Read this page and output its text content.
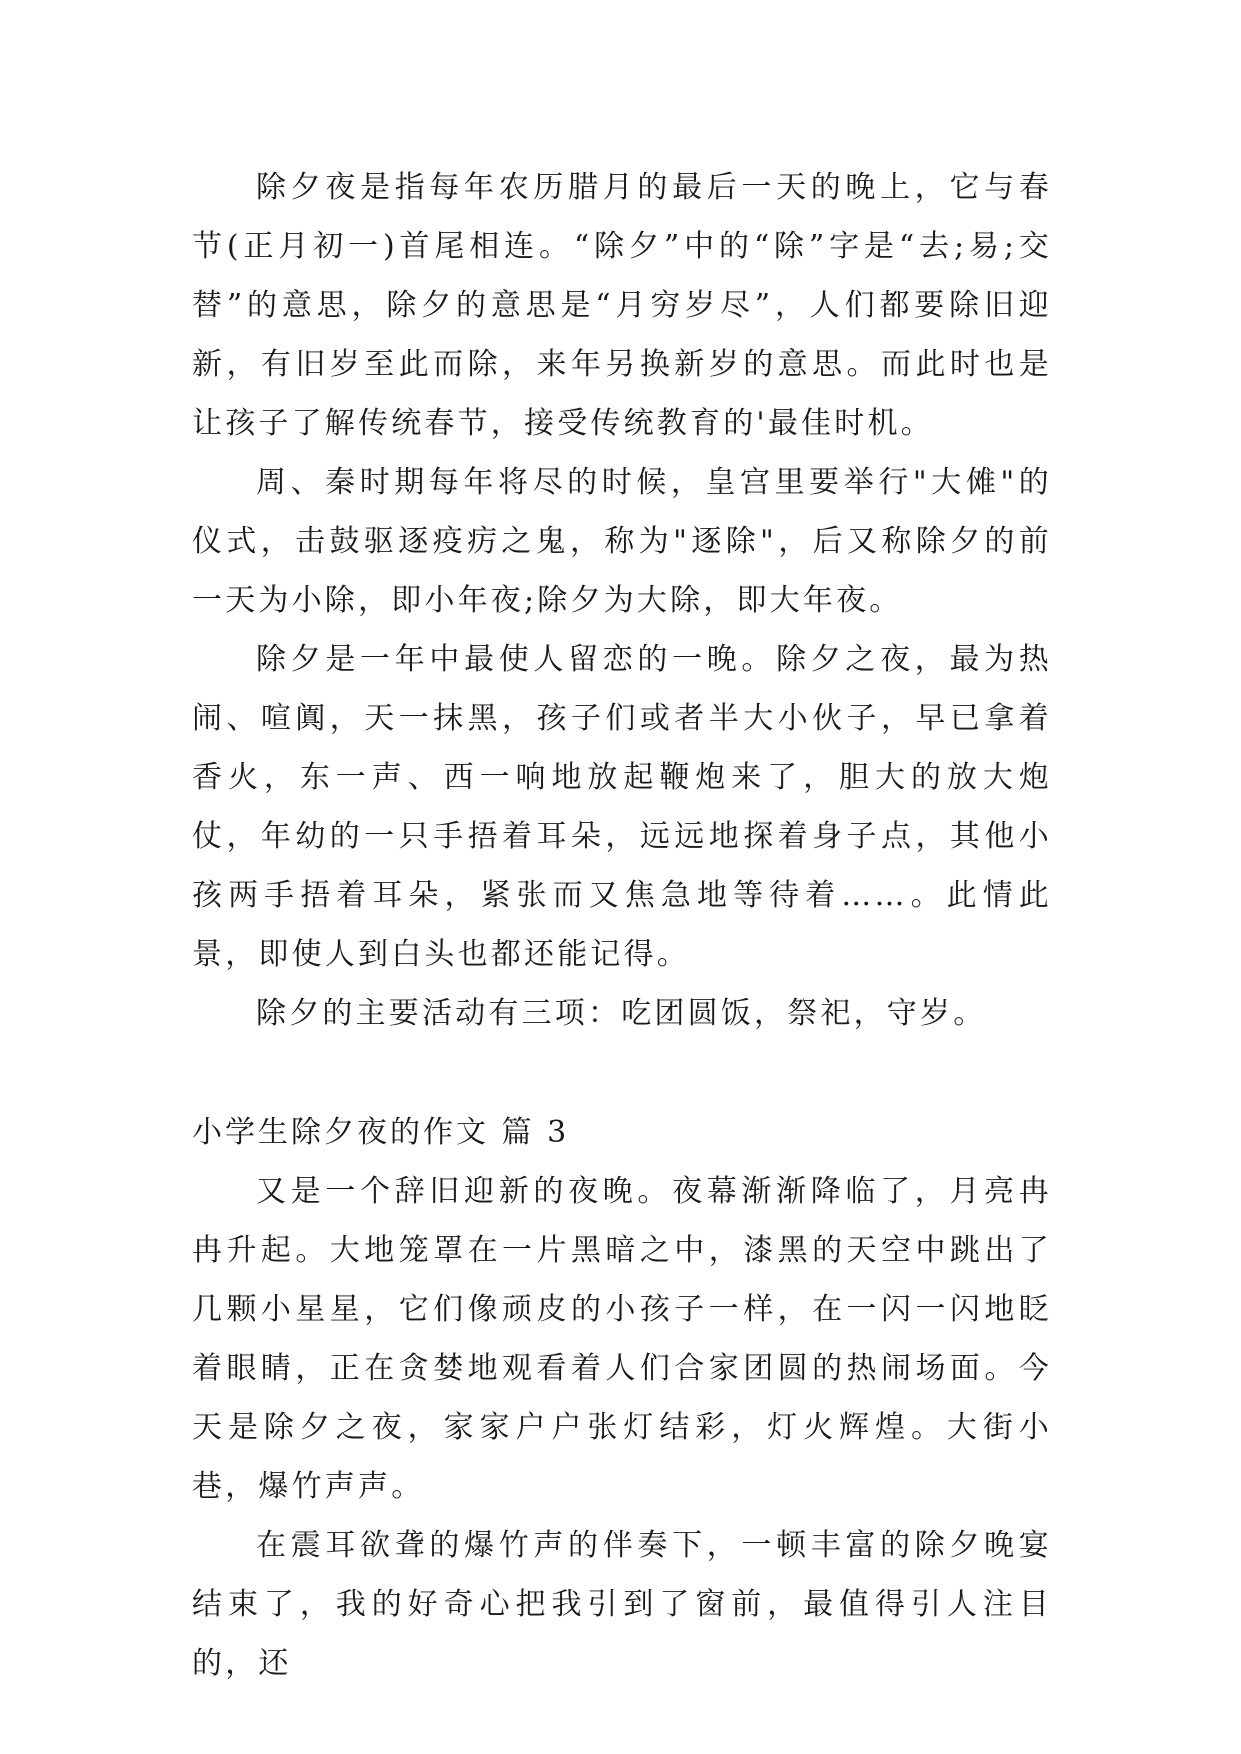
除夕夜是指每年农历腊月的最后一天的晚上，它与春节(正月初一)首尾相连。“除夕”中的“除”字是“去;易;交替”的意思，除夕的意思是“月穷岁尽”，人们都要除旧迎新，有旧岁至此而除，来年另换新岁的意思。而此时也是让孩子了解传统春节，接受传统教育的'最佳时机。

周、秦时期每年将尽的时候，皇宫里要举行"大傩"的仪式，击鼓驱逐疫疠之鬼，称为"逐除"，后又称除夕的前一天为小除，即小年夜;除夕为大除，即大年夜。

除夕是一年中最使人留恋的一晚。除夕之夜，最为热闹、喧阗，天一抹黑，孩子们或者半大小伙子，早已拿着香火，东一声、西一响地放起鞭炮来了，胆大的放大炮仗，年幼的一只手捂着耳朵，远远地探着身子点，其他小孩两手捂着耳朵，紧张而又焦急地等待着……。此情此景，即使人到白头也都还能记得。

除夕的主要活动有三项：吃团圆饭，祭祀，守岁。

小学生除夕夜的作文 篇 3

又是一个辞旧迎新的夜晚。夜幕渐渐降临了，月亮冉冉升起。大地笼罩在一片黑暗之中，漆黑的天空中跳出了几颗小星星，它们像顽皮的小孩子一样，在一闪一闪地眨着眼睛，正在贪婪地观看着人们合家团圆的热闹场面。今天是除夕之夜，家家户户张灯结彩，灯火辉煌。大街小巷，爆竹声声。

在震耳欲聋的爆竹声的伴奏下，一顿丰富的除夕晚宴结束了，我的好奇心把我引到了窗前，最值得引人注目的，还
